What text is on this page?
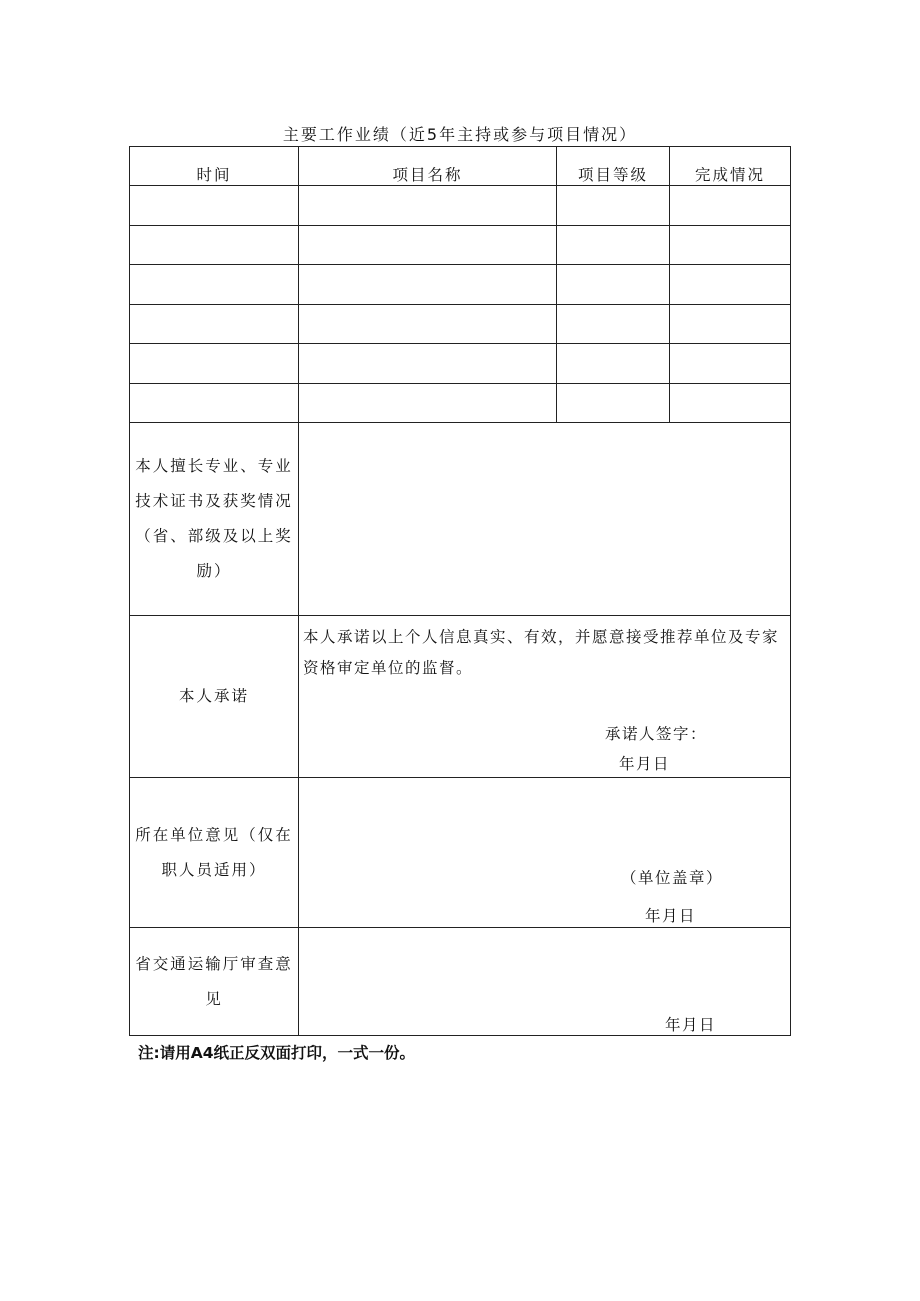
主要工作业绩（近5年主持或参与项目情况）
时间	项目名称	项目等级	完成情况

本人擅长专业、专业技术证书及获奖情况（省、部级及以上奖励）			
本人承诺	本人承诺以上个人信息真实、有效，并愿意接受推荐单位及专家资格审定单位的监督。
承诺人签字：
年月日		

所在单位意见（仅在职人员适用）	（单位盖章）
年月日		

省交通运输厅审查意见	年月日		
注:请用A4纸正反双面打印，一式一份。
